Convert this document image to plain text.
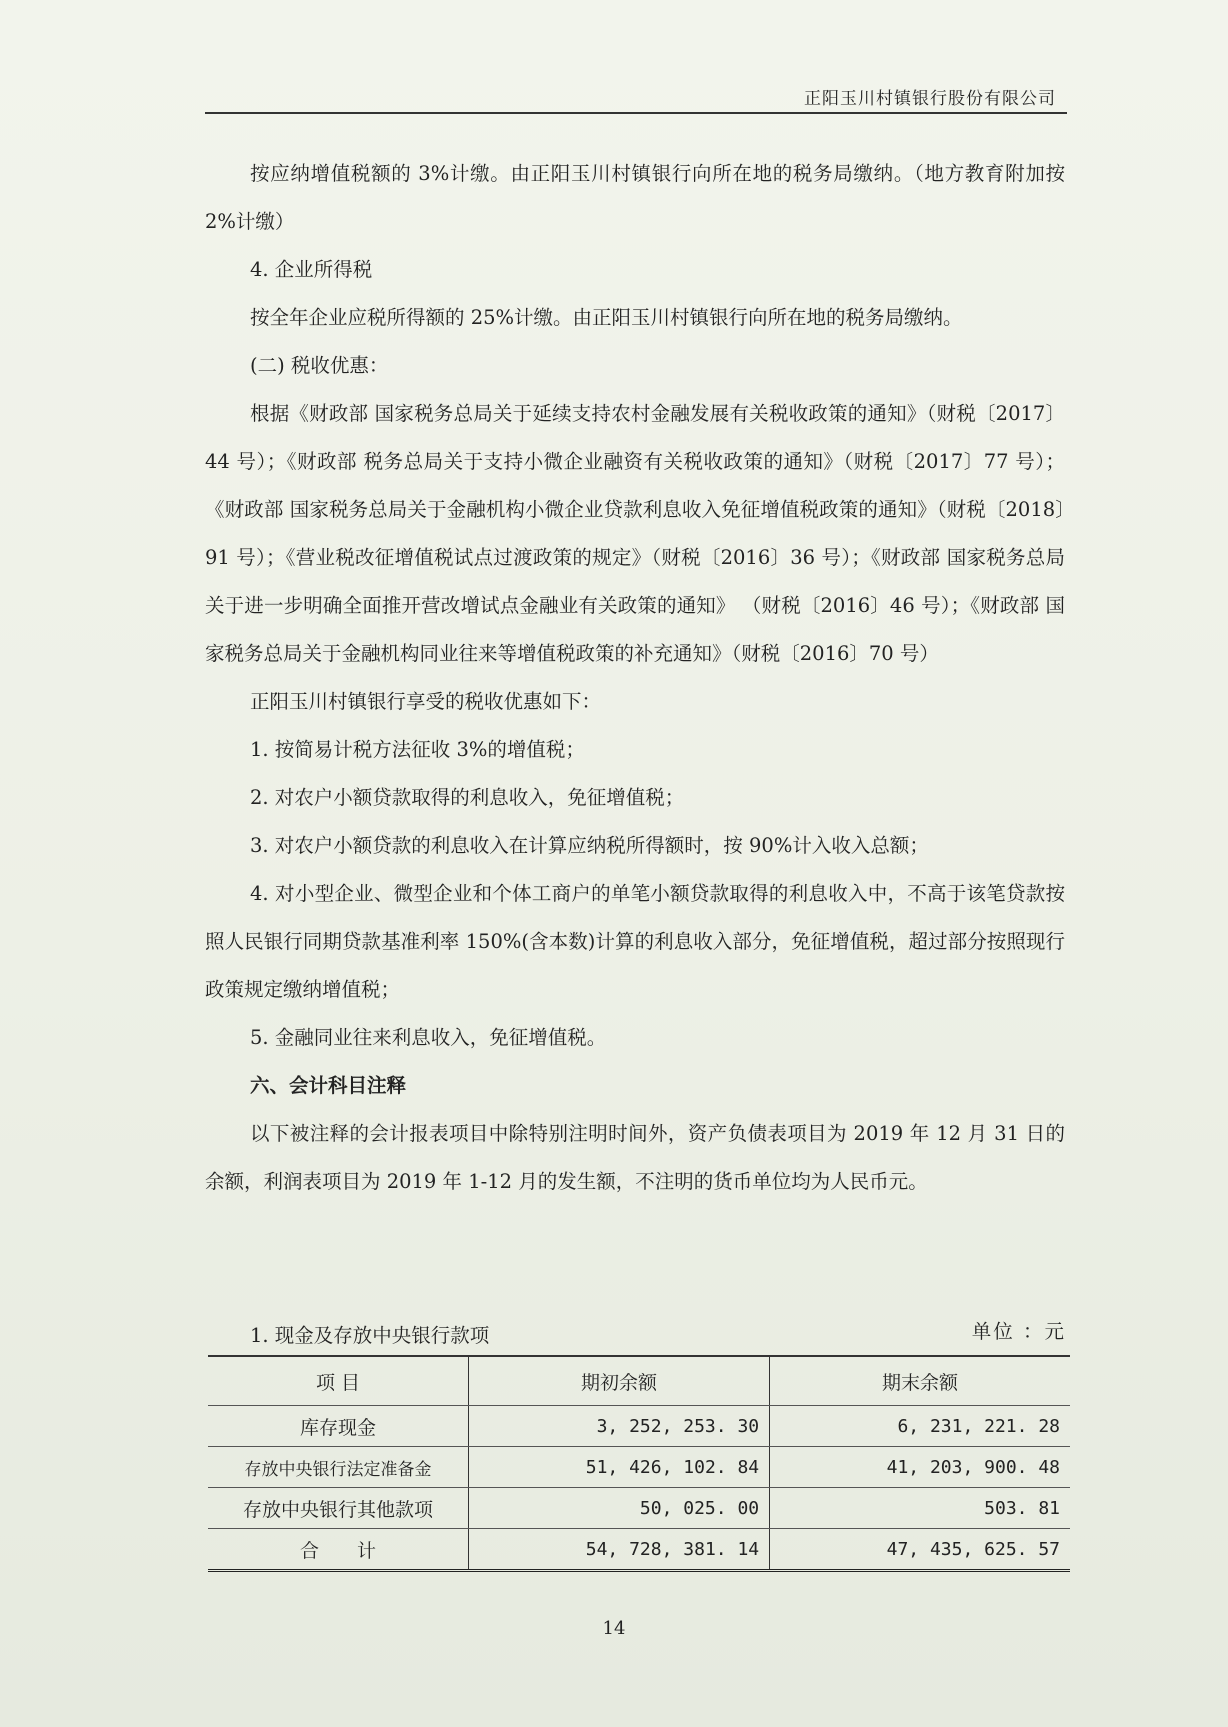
正阳玉川村镇银行股份有限公司

按应纳增值税额的 3%计缴。由正阳玉川村镇银行向所在地的税务局缴纳。（地方教育附加按 2%计缴）

4. 企业所得税

按全年企业应税所得额的 25%计缴。由正阳玉川村镇银行向所在地的税务局缴纳。

(二) 税收优惠：

根据《财政部 国家税务总局关于延续支持农村金融发展有关税收政策的通知》（财税〔2017〕44 号）；《财政部 税务总局关于支持小微企业融资有关税收政策的通知》（财税〔2017〕77 号）；《财政部 国家税务总局关于金融机构小微企业贷款利息收入免征增值税政策的通知》（财税〔2018〕91 号）；《营业税改征增值税试点过渡政策的规定》（财税〔2016〕36 号）；《财政部 国家税务总局关于进一步明确全面推开营改增试点金融业有关政策的通知》 （财税〔2016〕46 号）；《财政部 国家税务总局关于金融机构同业往来等增值税政策的补充通知》（财税〔2016〕70 号）

正阳玉川村镇银行享受的税收优惠如下：

1. 按简易计税方法征收 3%的增值税；

2. 对农户小额贷款取得的利息收入，免征增值税；

3. 对农户小额贷款的利息收入在计算应纳税所得额时，按 90%计入收入总额；

4. 对小型企业、微型企业和个体工商户的单笔小额贷款取得的利息收入中，不高于该笔贷款按照人民银行同期贷款基准利率 150%(含本数)计算的利息收入部分，免征增值税，超过部分按照现行政策规定缴纳增值税；

5. 金融同业往来利息收入，免征增值税。

六、会计科目注释

以下被注释的会计报表项目中除特别注明时间外，资产负债表项目为 2019 年 12 月 31 日的余额，利润表项目为 2019 年 1-12 月的发生额，不注明的货币单位均为人民币元。

1. 现金及存放中央银行款项	单位 ：元
项 目	期初余额	期末余额
库存现金	3, 252, 253. 30	6, 231, 221. 28
存放中央银行法定准备金	51, 426, 102. 84	41, 203, 900. 48
存放中央银行其他款项	50, 025. 00	503. 81
合　　计	54, 728, 381. 14	47, 435, 625. 57
14
